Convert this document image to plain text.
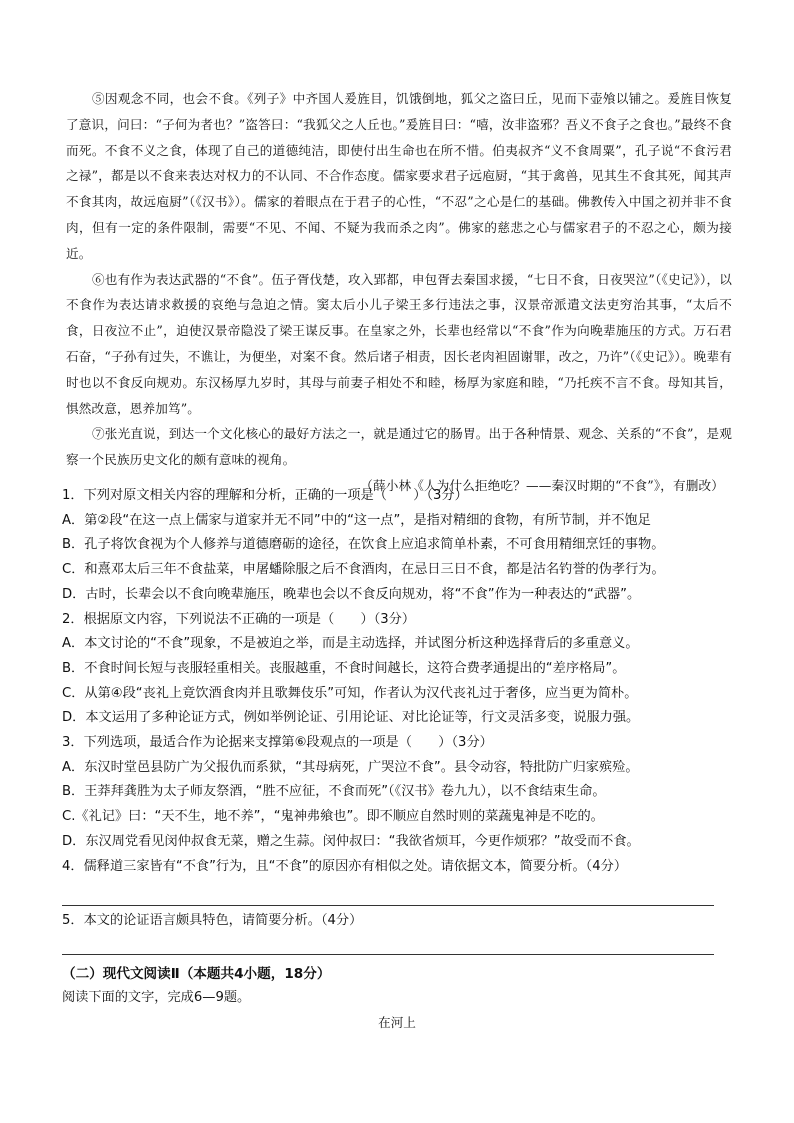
⑤因观念不同，也会不食。《列子》中齐国人爰旌目，饥饿倒地，狐父之盗曰丘，见而下壶飧以铺之。爰旌目恢复了意识，问曰：“子何为者也？”盗答曰：“我狐父之人丘也。”爰旌目曰：“嘻，汝非盗邪？吾义不食子之食也。”最终不食而死。不食不义之食，体现了自己的道德纯洁，即使付出生命也在所不惜。伯夷叔齐“义不食周粟”，孔子说“不食污君之禄”，都是以不食来表达对权力的不认同、不合作态度。儒家要求君子远庖厨，“其于禽兽，见其生不食其死，闻其声不食其肉，故远庖厨”（《汉书》）。儒家的着眼点在于君子的心性，“不忍”之心是仁的基础。佛教传入中国之初并非不食肉，但有一定的条件限制，需要“不见、不闻、不疑为我而杀之肉”。佛家的慈悲之心与儒家君子的不忍之心，颇为接近。

⑥也有作为表达武器的“不食”。伍子胥伐楚，攻入郢都，申包胥去秦国求援，“七日不食，日夜哭泣”（《史记》），以不食作为表达请求救援的哀绝与急迫之情。窦太后小儿子梁王多行违法之事，汉景帝派遣文法吏穷治其事，“太后不食，日夜泣不止”，迫使汉景帝隐没了梁王谋反事。在皇家之外，长辈也经常以“不食”作为向晚辈施压的方式。万石君石奋，“子孙有过失，不谯让，为便坐，对案不食。然后诸子相责，因长老肉袒固谢罪，改之，乃许”（《史记》）。晚辈有时也以不食反向规劝。东汉杨厚九岁时，其母与前妻子相处不和睦，杨厚为家庭和睦，“乃托疾不言不食。母知其旨，惧然改意，恩养加笃”。

⑦张光直说，到达一个文化核心的最好方法之一，就是通过它的肠胃。出于各种情景、观念、关系的“不食”，是观察一个民族历史文化的颇有意味的视角。

（薛小林《人为什么拒绝吃？——秦汉时期的“不食”》，有删改）
1．下列对原文相关内容的理解和分析，正确的一项是（　　）（3分）
A．第②段“在这一点上儒家与道家并无不同”中的“这一点”，是指对精细的食物，有所节制，并不饱足
B．孔子将饮食视为个人修养与道德磨砺的途径，在饮食上应追求简单朴素，不可食用精细烹饪的事物。
C．和熹邓太后三年不食盐菜，申屠蟠除服之后不食酒肉，在忌日三日不食，都是沽名钓誉的伪孝行为。
D．古时，长辈会以不食向晚辈施压，晚辈也会以不食反向规劝，将“不食”作为一种表达的“武器”。
2．根据原文内容，下列说法不正确的一项是（　　）（3分）
A．本文讨论的“不食”现象，不是被迫之举，而是主动选择，并试图分析这种选择背后的多重意义。
B．不食时间长短与丧服轻重相关。丧服越重，不食时间越长，这符合费孝通提出的“差序格局”。
C．从第④段“丧礼上竟饮酒食肉并且歌舞伎乐”可知，作者认为汉代丧礼过于奢侈，应当更为简朴。
D．本文运用了多种论证方式，例如举例论证、引用论证、对比论证等，行文灵活多变，说服力强。
3．下列选项，最适合作为论据来支撑第⑥段观点的一项是（　　）（3分）
A．东汉时堂邑县防广为父报仇而系狱，“其母病死，广哭泣不食”。县令动容，特批防广归家殡殓。
B．王莽拜龚胜为太子师友祭酒，“胜不应征，不食而死”（《汉书》卷九九），以不食结束生命。
C.《礼记》曰：“天不生，地不养”，“鬼神弗飨也”。即不顺应自然时则的菜蔬鬼神是不吃的。
D．东汉周党看见闵仲叔食无菜，赠之生蒜。闵仲叔曰：“我欲省烦耳，今更作烦邪？”故受而不食。
4．儒释道三家皆有“不食”行为，且“不食”的原因亦有相似之处。请依据文本，简要分析。（4分）
5．本文的论证语言颇具特色，请简要分析。（4分）
（二）现代文阅读Ⅱ（本题共4小题，18分）
阅读下面的文字，完成6—9题。
在河上
